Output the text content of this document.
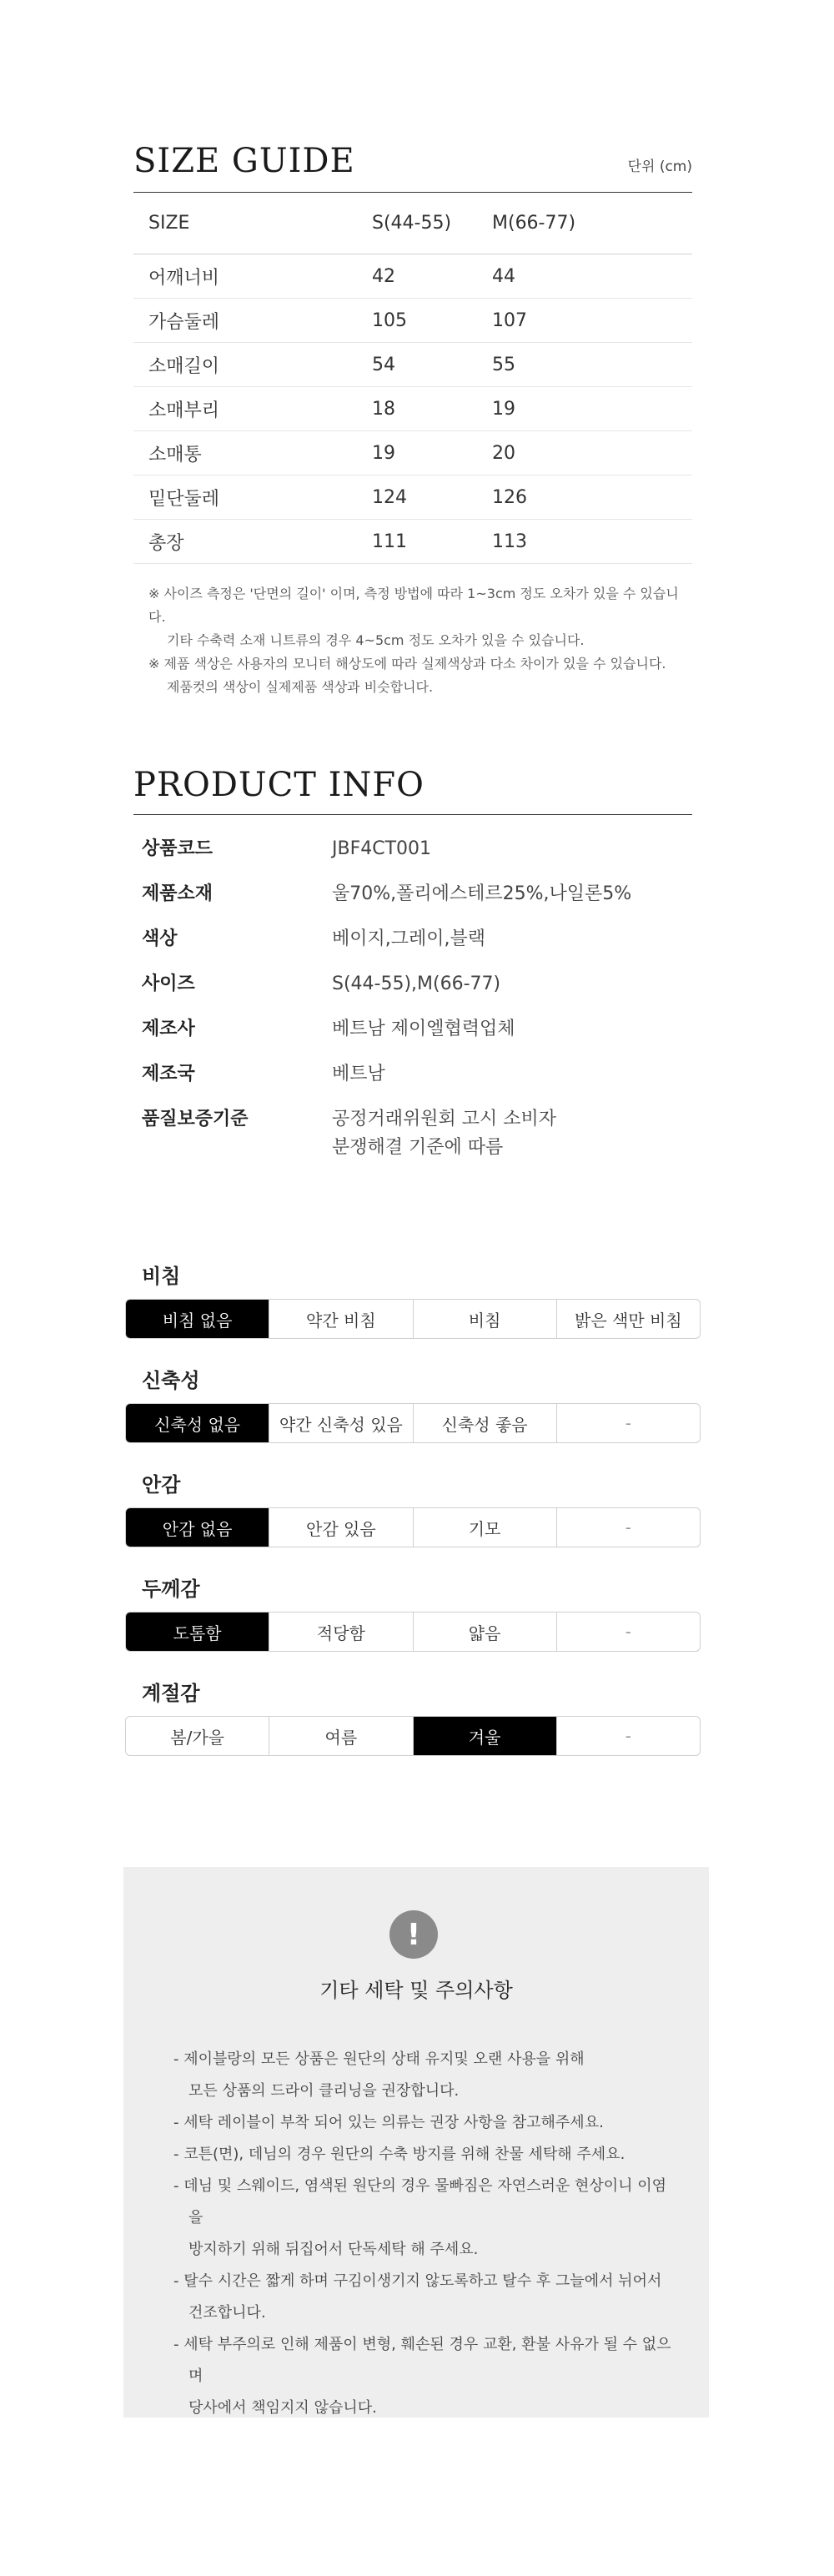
SIZE GUIDE	단위 (cm)
SIZE	S(44-55)	M(66-77)
어깨너비	42	44
가슴둘레	105	107
소매길이	54	55
소매부리	18	19
소매통	19	20
밑단둘레	124	126
총장	111	113
※ 사이즈 측정은 '단면의 길이' 이며, 측정 방법에 따라 1~3cm 정도 오차가 있을 수 있습니다.
기타 수축력 소재 니트류의 경우 4~5cm 정도 오차가 있을 수 있습니다.
※ 제품 색상은 사용자의 모니터 해상도에 따라 실제색상과 다소 차이가 있을 수 있습니다.
제품컷의 색상이 실제제품 색상과 비슷합니다.
PRODUCT INFO
상품코드	JBF4CT001
제품소재	울70%,폴리에스테르25%,나일론5%
색상	베이지,그레이,블랙
사이즈	S(44-55),M(66-77)
제조사	베트남 제이엘협력업체
제조국	베트남
품질보증기준	공정거래위원회 고시 소비자
분쟁해결 기준에 따름
비침
비침 없음	약간 비침	비침	밝은 색만 비침
신축성
신축성 없음	약간 신축성 있음	신축성 좋음	-
안감
안감 없음	안감 있음	기모	-
두께감
도톰함	적당함	얇음	-
계절감
봄/가을	여름	겨울	-
!
기타 세탁 및 주의사항
- 제이블랑의 모든 상품은 원단의 상태 유지및 오랜 사용을 위해
모든 상품의 드라이 클리닝을 권장합니다.
- 세탁 레이블이 부착 되어 있는 의류는 권장 사항을 참고해주세요.
- 코튼(면), 데님의 경우 원단의 수축 방지를 위해 찬물 세탁해 주세요.
- 데님 및 스웨이드, 염색된 원단의 경우 물빠짐은 자연스러운 현상이니 이염을
방지하기 위해 뒤집어서 단독세탁 해 주세요.
- 탈수 시간은 짧게 하며 구김이생기지 않도록하고 탈수 후 그늘에서 뉘어서
건조합니다.
- 세탁 부주의로 인해 제품이 변형, 훼손된 경우 교환, 환불 사유가 될 수 없으며
당사에서 책임지지 않습니다.
